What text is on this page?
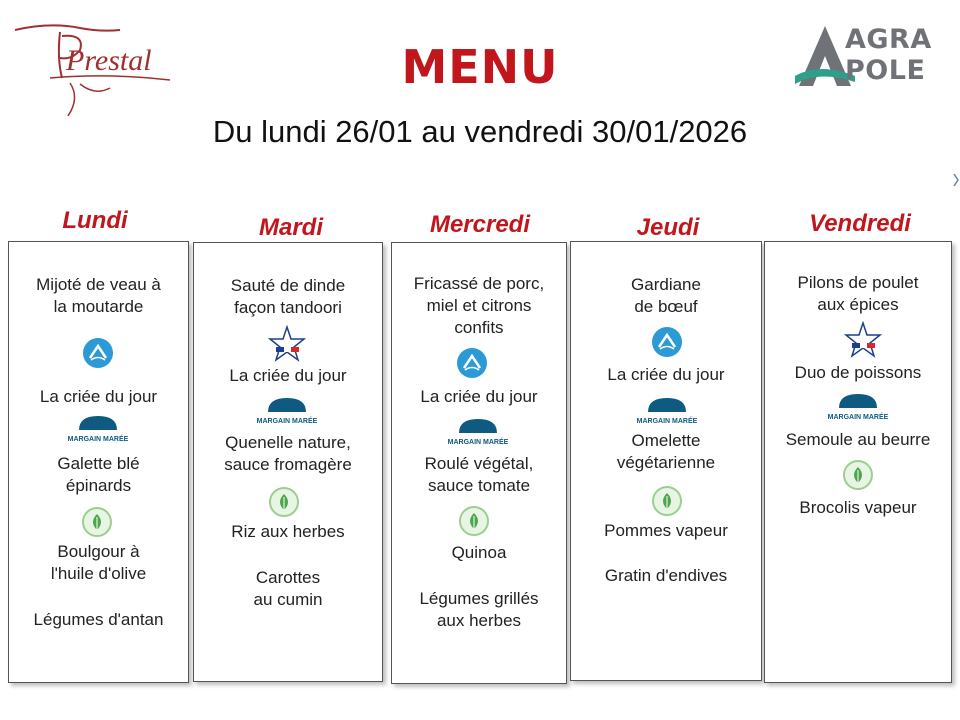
Prestal
AGRA
POLE
MENU
Du lundi 26/01 au vendredi 30/01/2026
Lundi
Mijoté de veau à
la moutarde
La criée du jour
MARGAIN MARÉE
Galette blé
épinards
Boulgour à
l'huile d'olive
Légumes d'antan
Mardi
Sauté de dinde
façon tandoori
La criée du jour
MARGAIN MARÉE
Quenelle nature,
sauce fromagère
Riz aux herbes
Carottes
au cumin
Mercredi
Fricassé de porc,
miel et citrons
confits
La criée du jour
MARGAIN MARÉE
Roulé végétal,
sauce tomate
Quinoa
Légumes grillés
aux herbes
Jeudi
Gardiane
de bœuf
La criée du jour
MARGAIN MARÉE
Omelette
végétarienne
Pommes vapeur
Gratin d'endives
Vendredi
Pilons de poulet
aux épices
Duo de poissons
MARGAIN MARÉE
Semoule au beurre
Brocolis vapeur
